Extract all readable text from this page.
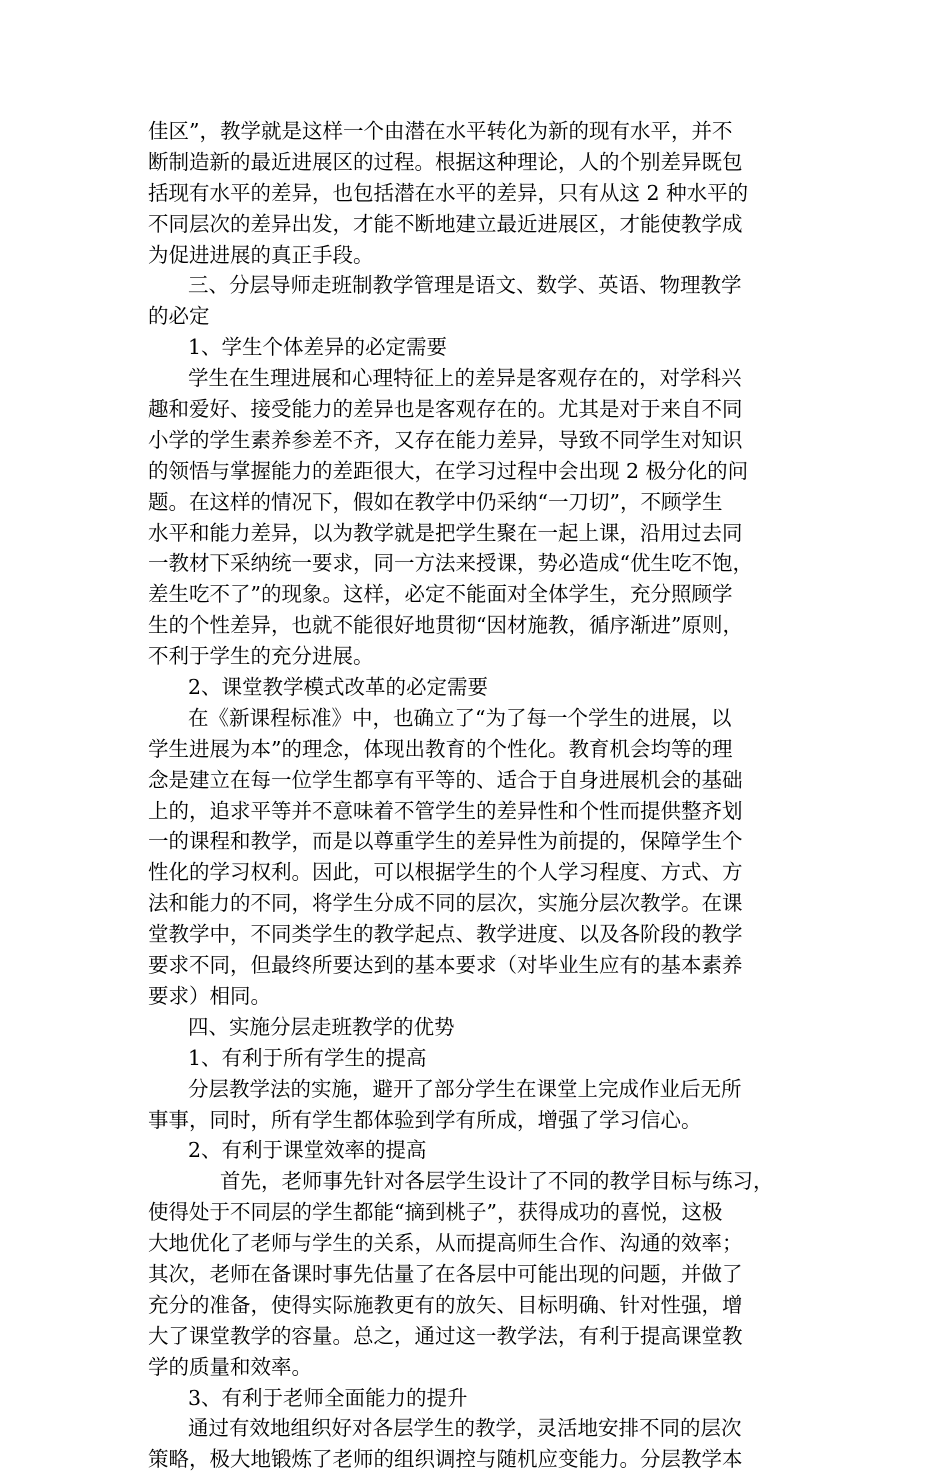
佳区”，教学就是这样一个由潜在水平转化为新的现有水平，并不
断制造新的最近进展区的过程。根据这种理论，人的个别差异既包
括现有水平的差异，也包括潜在水平的差异，只有从这 2 种水平的
不同层次的差异出发，才能不断地建立最近进展区，才能使教学成
为促进进展的真正手段。
三、分层导师走班制教学管理是语文、数学、英语、物理教学
的必定
1、学生个体差异的必定需要
学生在生理进展和心理特征上的差异是客观存在的，对学科兴
趣和爱好、接受能力的差异也是客观存在的。尤其是对于来自不同
小学的学生素养参差不齐，又存在能力差异，导致不同学生对知识
的领悟与掌握能力的差距很大，在学习过程中会出现 2 极分化的问
题。在这样的情况下，假如在教学中仍采纳“一刀切”，不顾学生
水平和能力差异，以为教学就是把学生聚在一起上课，沿用过去同
一教材下采纳统一要求，同一方法来授课，势必造成“优生吃不饱，
差生吃不了”的现象。这样，必定不能面对全体学生，充分照顾学
生的个性差异，也就不能很好地贯彻“因材施教，循序渐进”原则，
不利于学生的充分进展。
2、课堂教学模式改革的必定需要
在《新课程标准》中，也确立了“为了每一个学生的进展，以
学生进展为本”的理念，体现出教育的个性化。教育机会均等的理
念是建立在每一位学生都享有平等的、适合于自身进展机会的基础
上的，追求平等并不意味着不管学生的差异性和个性而提供整齐划
一的课程和教学，而是以尊重学生的差异性为前提的，保障学生个
性化的学习权利。因此，可以根据学生的个人学习程度、方式、方
法和能力的不同，将学生分成不同的层次，实施分层次教学。在课
堂教学中，不同类学生的教学起点、教学进度、以及各阶段的教学
要求不同，但最终所要达到的基本要求（对毕业生应有的基本素养
要求）相同。
四、实施分层走班教学的优势
1、有利于所有学生的提高
分层教学法的实施，避开了部分学生在课堂上完成作业后无所
事事，同时，所有学生都体验到学有所成，增强了学习信心。
2、有利于课堂效率的提高
首先，老师事先针对各层学生设计了不同的教学目标与练习，
使得处于不同层的学生都能“摘到桃子”，获得成功的喜悦，这极
大地优化了老师与学生的关系，从而提高师生合作、沟通的效率；
其次，老师在备课时事先估量了在各层中可能出现的问题，并做了
充分的准备，使得实际施教更有的放矢、目标明确、针对性强，增
大了课堂教学的容量。总之，通过这一教学法，有利于提高课堂教
学的质量和效率。
3、有利于老师全面能力的提升
通过有效地组织好对各层学生的教学，灵活地安排不同的层次
策略，极大地锻炼了老师的组织调控与随机应变能力。分层教学本
